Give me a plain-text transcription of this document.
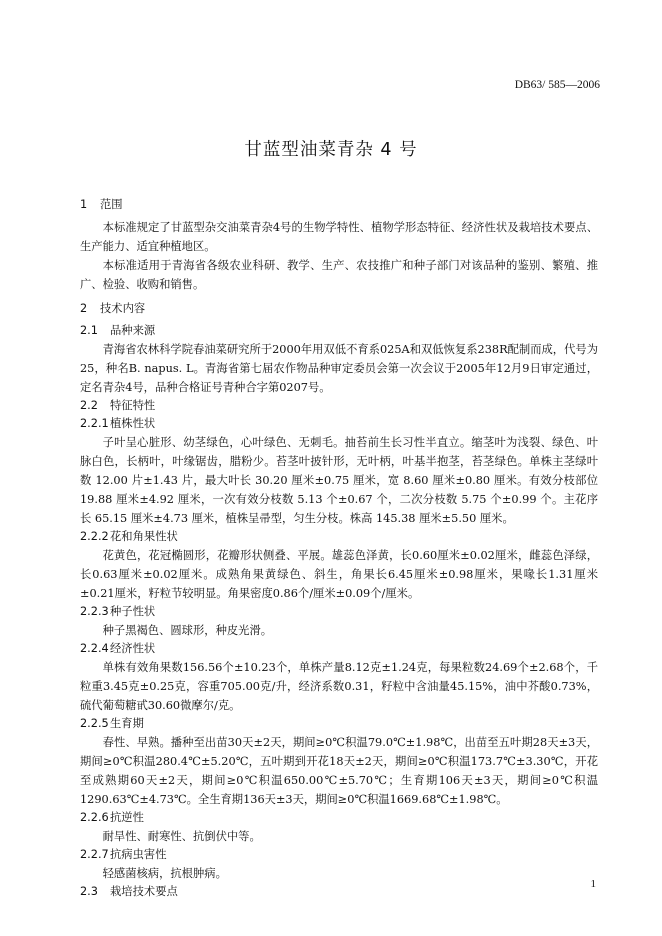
DB63/ 585—2006
甘蓝型油菜青杂 4 号
1 范围

本标准规定了甘蓝型杂交油菜青杂4号的生物学特性、植物学形态特征、经济性状及栽培技术要点、生产能力、适宜种植地区。

本标准适用于青海省各级农业科研、教学、生产、农技推广和种子部门对该品种的鉴别、繁殖、推广、检验、收购和销售。

2 技术内容
2.1 品种来源

青海省农林科学院春油菜研究所于2000年用双低不育系025A和双低恢复系238R配制而成，代号为25，种名B. napus. L。青海省第七届农作物品种审定委员会第一次会议于2005年12月9日审定通过，定名青杂4号，品种合格证号青种合字第0207号。

2.2 特征特性
2.2.1植株性状

子叶呈心脏形、幼茎绿色，心叶绿色、无刺毛。抽苔前生长习性半直立。缩茎叶为浅裂、绿色、叶脉白色，长柄叶，叶缘锯齿，腊粉少。苔茎叶披针形，无叶柄，叶基半抱茎，苔茎绿色。单株主茎绿叶数 12.00 片±1.43 片，最大叶长 30.20 厘米±0.75 厘米，宽 8.60 厘米±0.80 厘米。有效分枝部位 19.88 厘米±4.92 厘米，一次有效分枝数 5.13 个±0.67 个，二次分枝数 5.75 个±0.99 个。主花序长 65.15 厘米±4.73 厘米，植株呈帚型，匀生分枝。株高 145.38 厘米±5.50 厘米。

2.2.2花和角果性状

花黄色，花冠椭圆形，花瓣形状侧叠、平展。雄蕊色泽黄，长0.60厘米±0.02厘米，雌蕊色泽绿，长0.63厘米±0.02厘米。成熟角果黄绿色、斜生，角果长6.45厘米±0.98厘米，果喙长1.31厘米±0.21厘米，籽粒节较明显。角果密度0.86个/厘米±0.09个/厘米。

2.2.3种子性状

种子黑褐色、圆球形，种皮光滑。

2.2.4经济性状

单株有效角果数156.56个±10.23个，单株产量8.12克±1.24克，每果粒数24.69个±2.68个，千粒重3.45克±0.25克，容重705.00克/升，经济系数0.31，籽粒中含油量45.15%，油中芥酸0.73%，硫代葡萄糖甙30.60微摩尔/克。

2.2.5生育期

春性、早熟。播种至出苗30天±2天，期间≥0℃积温79.0℃±1.98℃，出苗至五叶期28天±3天，期间≥0℃积温280.4℃±5.20℃，五叶期到开花18天±2天，期间≥0℃积温173.7℃±3.30℃，开花至成熟期60天±2天，期间≥0℃积温650.00℃±5.70℃；生育期106天±3天，期间≥0℃积温1290.63℃±4.73℃。全生育期136天±3天，期间≥0℃积温1669.68℃±1.98℃。

2.2.6抗逆性

耐旱性、耐寒性、抗倒伏中等。

2.2.7抗病虫害性

轻感菌核病，抗根肿病。

2.3 栽培技术要点
1
